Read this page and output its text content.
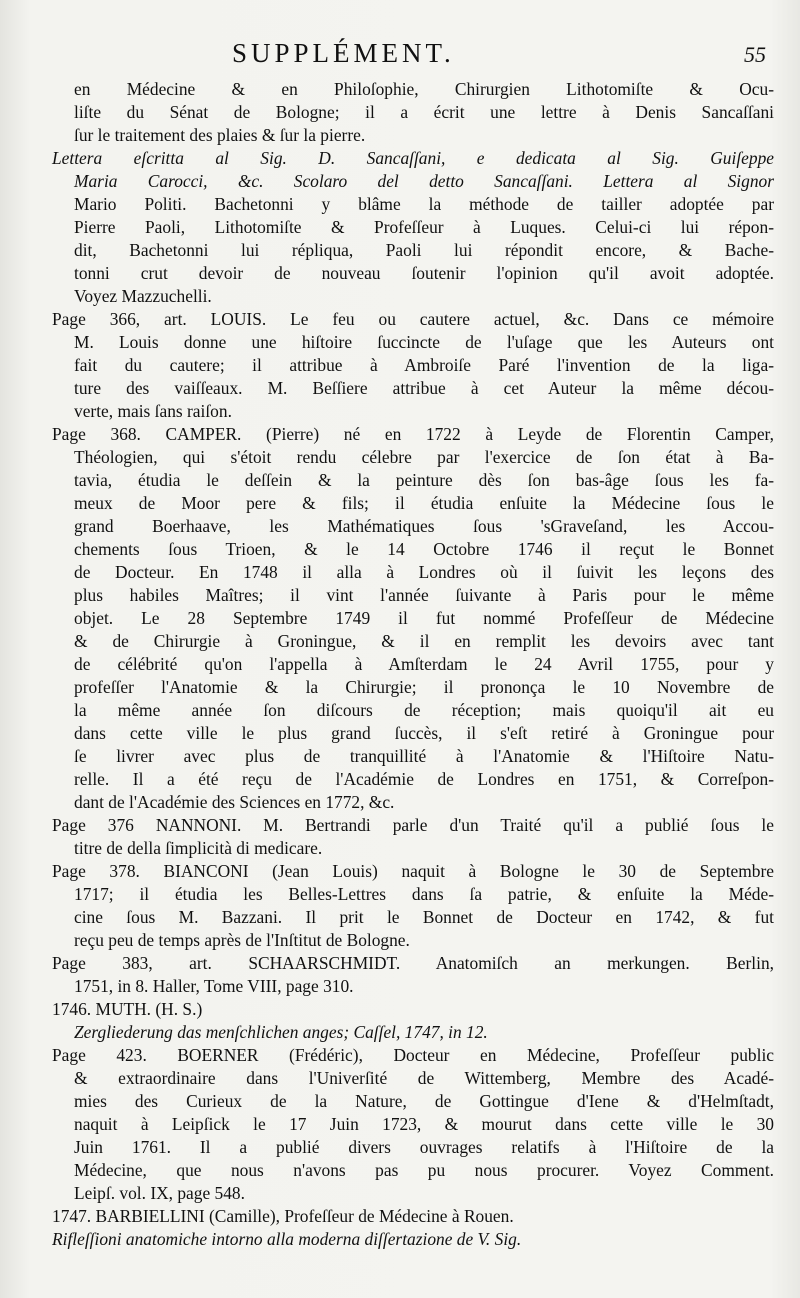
SUPPLÉMENT.	55
en Médecine & en Philoſophie, Chirurgien Lithotomiſte & Ocu-
liſte du Sénat de Bologne; il a écrit une lettre à Denis Sancaſſani
ſur le traitement des plaies & ſur la pierre.
Lettera eſcritta al Sig. D. Sancaſſani, e dedicata al Sig. Guiſeppe
Maria Carocci, &c. Scolaro del detto Sancaſſani. Lettera al Signor
Mario Politi. Bachetonni y blâme la méthode de tailler adoptée par
Pierre Paoli, Lithotomiſte & Profeſſeur à Luques. Celui-ci lui répon-
dit, Bachetonni lui répliqua, Paoli lui répondit encore, & Bache-
tonni crut devoir de nouveau ſoutenir l'opinion qu'il avoit adoptée.
Voyez Mazzuchelli.
Page 366, art. LOUIS. Le feu ou cautere actuel, &c. Dans ce mémoire
M. Louis donne une hiſtoire ſuccincte de l'uſage que les Auteurs ont
fait du cautere; il attribue à Ambroiſe Paré l'invention de la liga-
ture des vaiſſeaux. M. Beſſiere attribue à cet Auteur la même décou-
verte, mais ſans raiſon.
Page 368. CAMPER. (Pierre) né en 1722 à Leyde de Florentin Camper,
Théologien, qui s'étoit rendu célebre par l'exercice de ſon état à Ba-
tavia, étudia le deſſein & la peinture dès ſon bas-âge ſous les fa-
meux de Moor pere & fils; il étudia enſuite la Médecine ſous le
grand Boerhaave, les Mathématiques ſous 'sGraveſand, les Accou-
chements ſous Trioen, & le 14 Octobre 1746 il reçut le Bonnet
de Docteur. En 1748 il alla à Londres où il ſuivit les leçons des
plus habiles Maîtres; il vint l'année ſuivante à Paris pour le même
objet. Le 28 Septembre 1749 il fut nommé Profeſſeur de Médecine
& de Chirurgie à Groningue, & il en remplit les devoirs avec tant
de célébrité qu'on l'appella à Amſterdam le 24 Avril 1755, pour y
profeſſer l'Anatomie & la Chirurgie; il prononça le 10 Novembre de
la même année ſon diſcours de réception; mais quoiqu'il ait eu
dans cette ville le plus grand ſuccès, il s'eſt retiré à Groningue pour
ſe livrer avec plus de tranquillité à l'Anatomie & l'Hiſtoire Natu-
relle. Il a été reçu de l'Académie de Londres en 1751, & Correſpon-
dant de l'Académie des Sciences en 1772, &c.
Page 376 NANNONI. M. Bertrandi parle d'un Traité qu'il a publié ſous le
titre de della ſimplicità di medicare.
Page 378. BIANCONI (Jean Louis) naquit à Bologne le 30 de Septembre
1717; il étudia les Belles-Lettres dans ſa patrie, & enſuite la Méde-
cine ſous M. Bazzani. Il prit le Bonnet de Docteur en 1742, & fut
reçu peu de temps après de l'Inſtitut de Bologne.
Page 383, art. SCHAARSCHMIDT. Anatomiſch an merkungen. Berlin,
1751, in 8. Haller, Tome VIII, page 310.
1746. MUTH. (H. S.)
Zergliederung das menſchlichen anges; Caſſel, 1747, in 12.
Page 423. BOERNER (Frédéric), Docteur en Médecine, Profeſſeur public
& extraordinaire dans l'Univerſité de Wittemberg, Membre des Acadé-
mies des Curieux de la Nature, de Gottingue d'Iene & d'Helmſtadt,
naquit à Leipſick le 17 Juin 1723, & mourut dans cette ville le 30
Juin 1761. Il a publié divers ouvrages relatifs à l'Hiſtoire de la
Médecine, que nous n'avons pas pu nous procurer. Voyez Comment.
Leipſ. vol. IX, page 548.
1747. BARBIELLINI (Camille), Profeſſeur de Médecine à Rouen.
Rifleſſioni anatomiche intorno alla moderna diſſertazione de V. Sig.
